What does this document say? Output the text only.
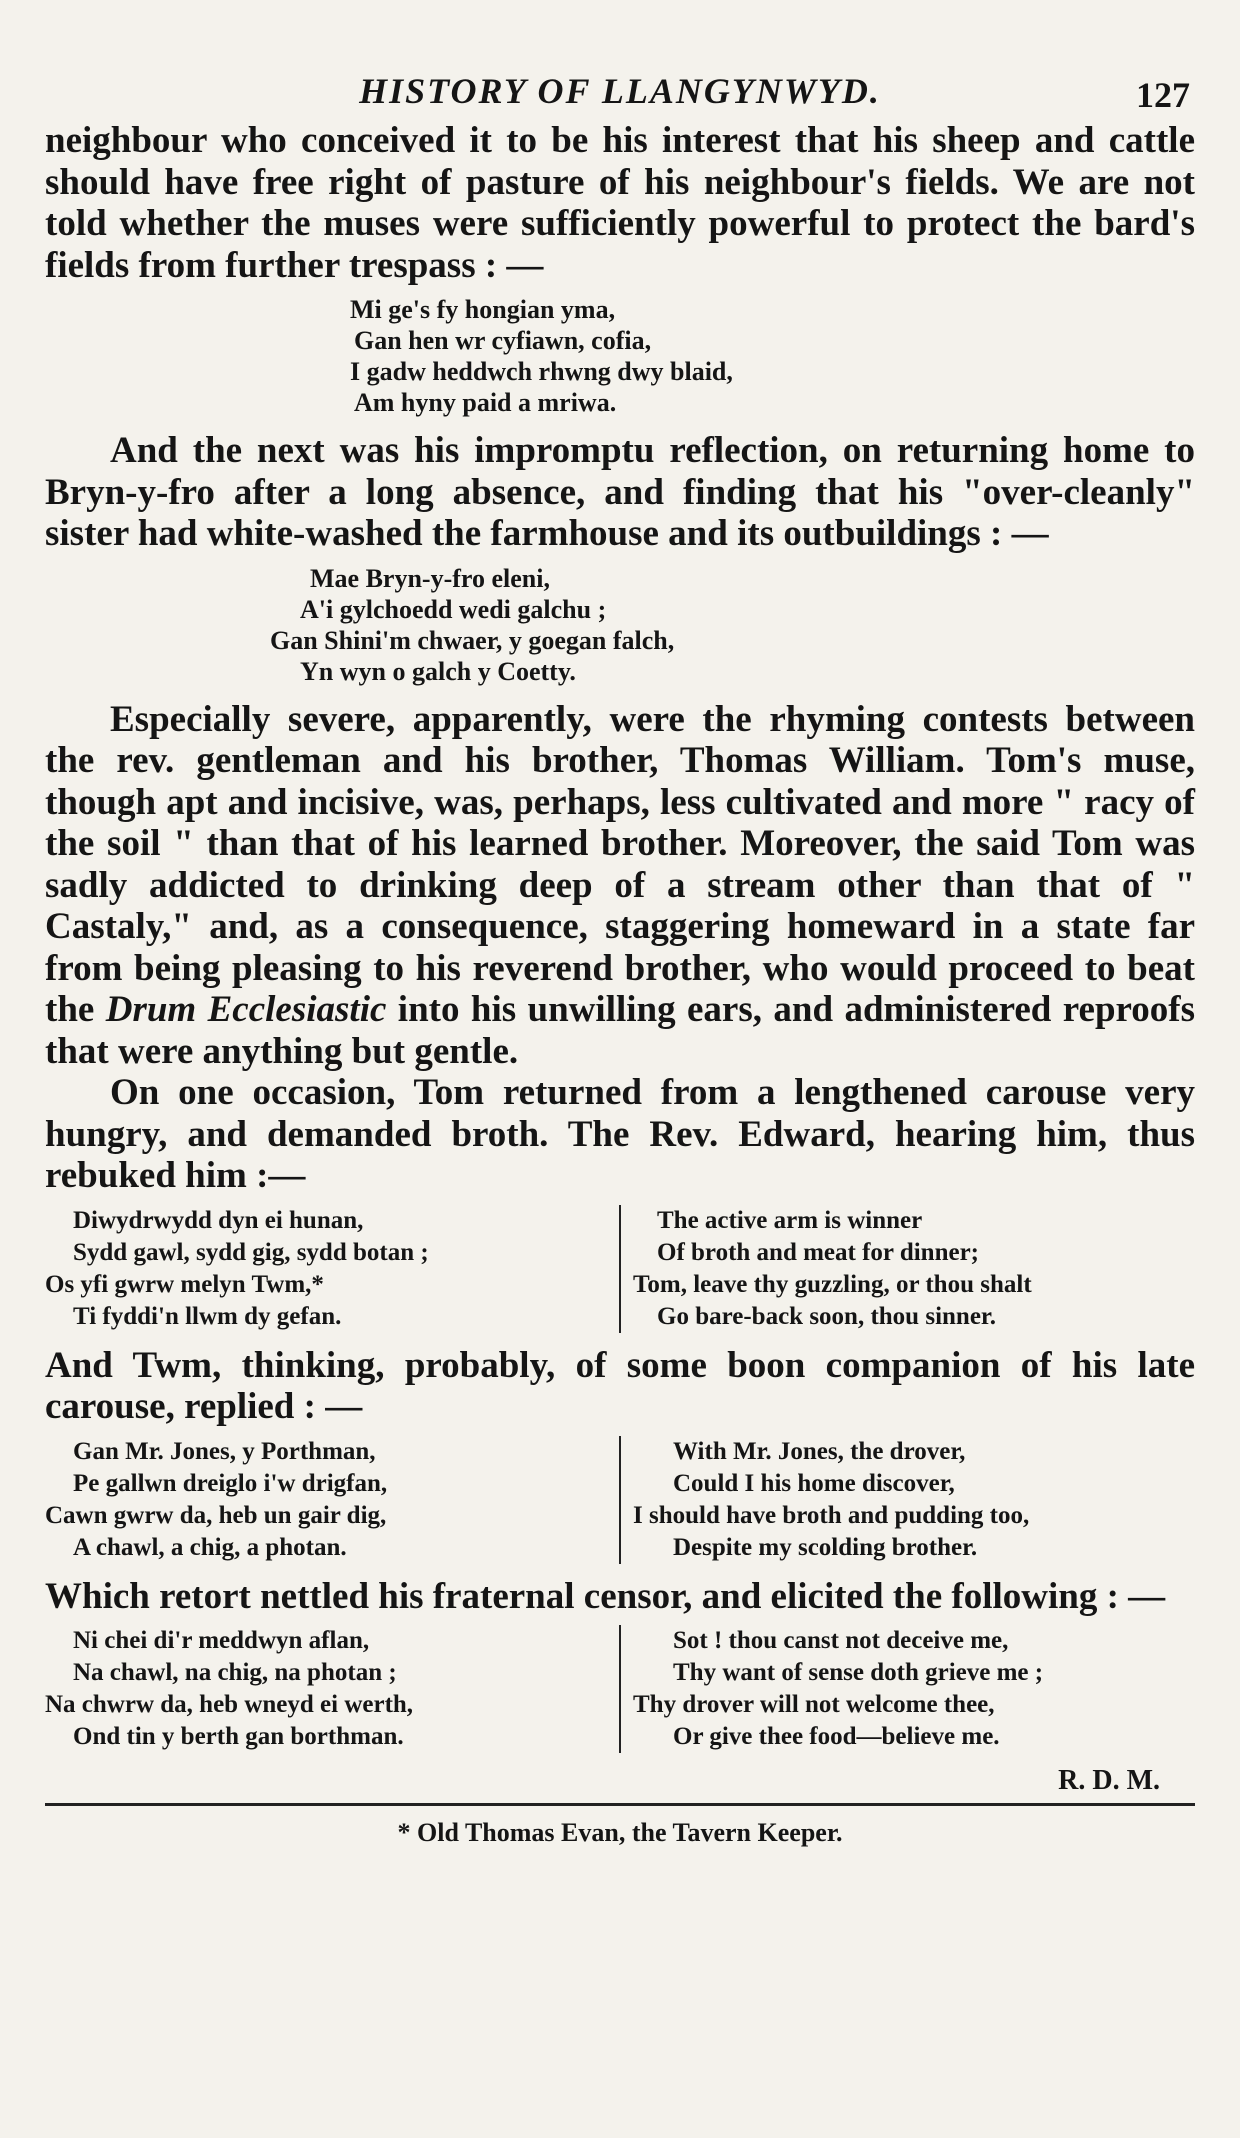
HISTORY OF LLANGYNWYD.	127

neighbour who conceived it to be his interest that his sheep and cattle should have free right of pasture of his neighbour's fields. We are not told whether the muses were sufficiently powerful to protect the bard's fields from further trespass : —

Mi ge's fy hongian yma,
Gan hen wr cyfiawn, cofia,
I gadw heddwch rhwng dwy blaid,
Am hyny paid a mriwa.

And the next was his impromptu reflection, on returning home to Bryn-y-fro after a long absence, and finding that his "over-cleanly" sister had white-washed the farmhouse and its outbuildings : —

Mae Bryn-y-fro eleni,
A'i gylchoedd wedi galchu ;
Gan Shini'm chwaer, y goegan falch,
Yn wyn o galch y Coetty.

Especially severe, apparently, were the rhyming contests between the rev. gentleman and his brother, Thomas William. Tom's muse, though apt and incisive, was, perhaps, less cultivated and more " racy of the soil " than that of his learned brother. Moreover, the said Tom was sadly addicted to drinking deep of a stream other than that of " Castaly," and, as a consequence, staggering homeward in a state far from being pleasing to his reverend brother, who would proceed to beat the Drum Ecclesiastic into his unwilling ears, and administered reproofs that were anything but gentle.

On one occasion, Tom returned from a lengthened carouse very hungry, and demanded broth. The Rev. Edward, hearing him, thus rebuked him :—

Diwydrwydd dyn ei hunan,
Sydd gawl, sydd gig, sydd botan ;
Os yfi gwrw melyn Twm,*
Ti fyddi'n llwm dy gefan.
The active arm is winner
Of broth and meat for dinner;
Tom, leave thy guzzling, or thou shalt
Go bare-back soon, thou sinner.

And Twm, thinking, probably, of some boon companion of his late carouse, replied : —

Gan Mr. Jones, y Porthman,
Pe gallwn dreiglo i'w drigfan,
Cawn gwrw da, heb un gair dig,
A chawl, a chig, a photan.
With Mr. Jones, the drover,
Could I his home discover,
I should have broth and pudding too,
Despite my scolding brother.

Which retort nettled his fraternal censor, and elicited the following : —

Ni chei di'r meddwyn aflan,
Na chawl, na chig, na photan ;
Na chwrw da, heb wneyd ei werth,
Ond tin y berth gan borthman.
Sot ! thou canst not deceive me,
Thy want of sense doth grieve me ;
Thy drover will not welcome thee,
Or give thee food—believe me.
R. D. M.
* Old Thomas Evan, the Tavern Keeper.
